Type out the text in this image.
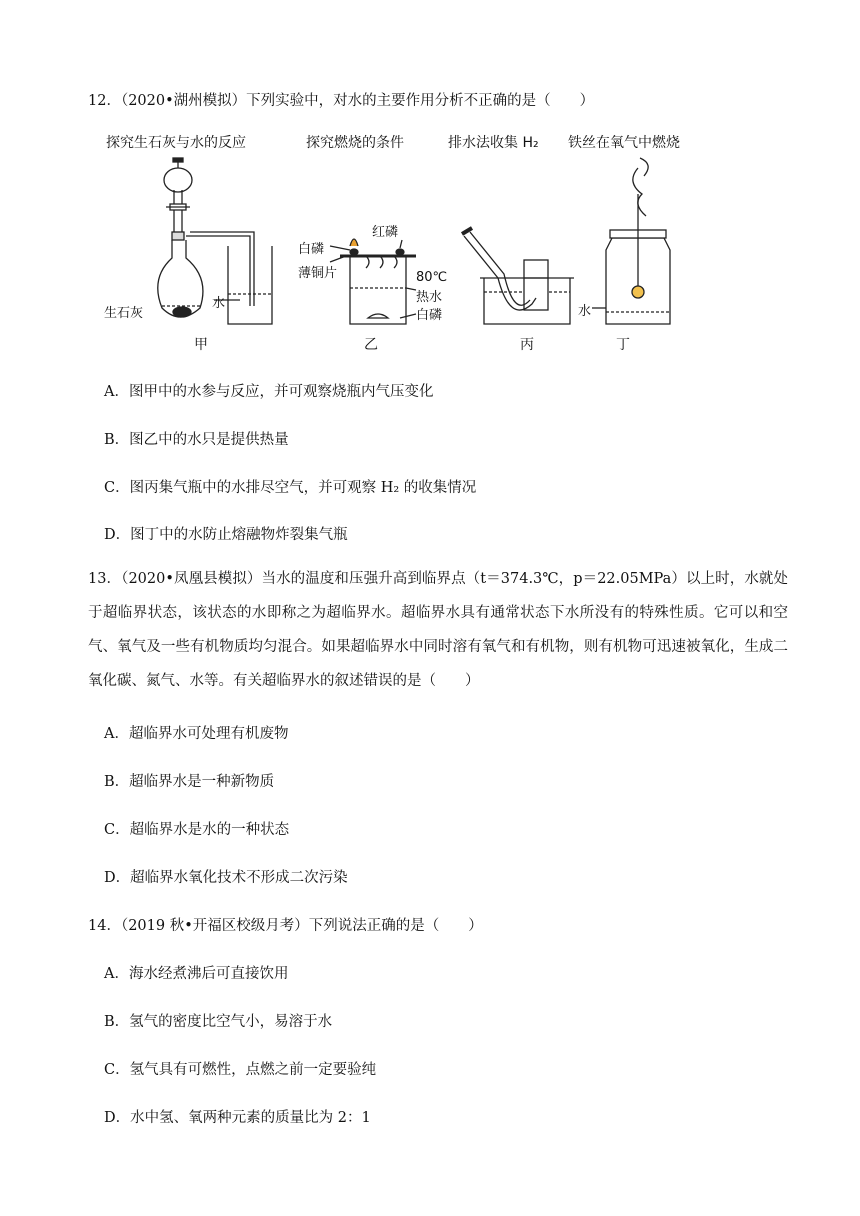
12．（2020•湖州模拟）下列实验中，对水的主要作用分析不正确的是（　　）
探究生石灰与水的反应	探究燃烧的条件	排水法收集 H₂ 铁丝在氧气中燃烧
水
生石灰
红磷
白磷
薄铜片	80℃
热水
白磷	水
甲	乙	丙	丁
A．图甲中的水参与反应，并可观察烧瓶内气压变化
B．图乙中的水只是提供热量
C．图丙集气瓶中的水排尽空气，并可观察 H₂ 的收集情况
D．图丁中的水防止熔融物炸裂集气瓶
13．（2020•凤凰县模拟）当水的温度和压强升高到临界点（t＝374.3℃，p＝22.05MPa）以上时，水就处于超临界状态，该状态的水即称之为超临界水。超临界水具有通常状态下水所没有的特殊性质。它可以和空气、氧气及一些有机物质均匀混合。如果超临界水中同时溶有氧气和有机物，则有机物可迅速被氧化，生成二氧化碳、氮气、水等。有关超临界水的叙述错误的是（　　）
A．超临界水可处理有机废物
B．超临界水是一种新物质
C．超临界水是水的一种状态
D．超临界水氧化技术不形成二次污染
14．（2019 秋•开福区校级月考）下列说法正确的是（　　）
A．海水经煮沸后可直接饮用
B．氢气的密度比空气小，易溶于水
C．氢气具有可燃性，点燃之前一定要验纯
D．水中氢、氧两种元素的质量比为 2：1
